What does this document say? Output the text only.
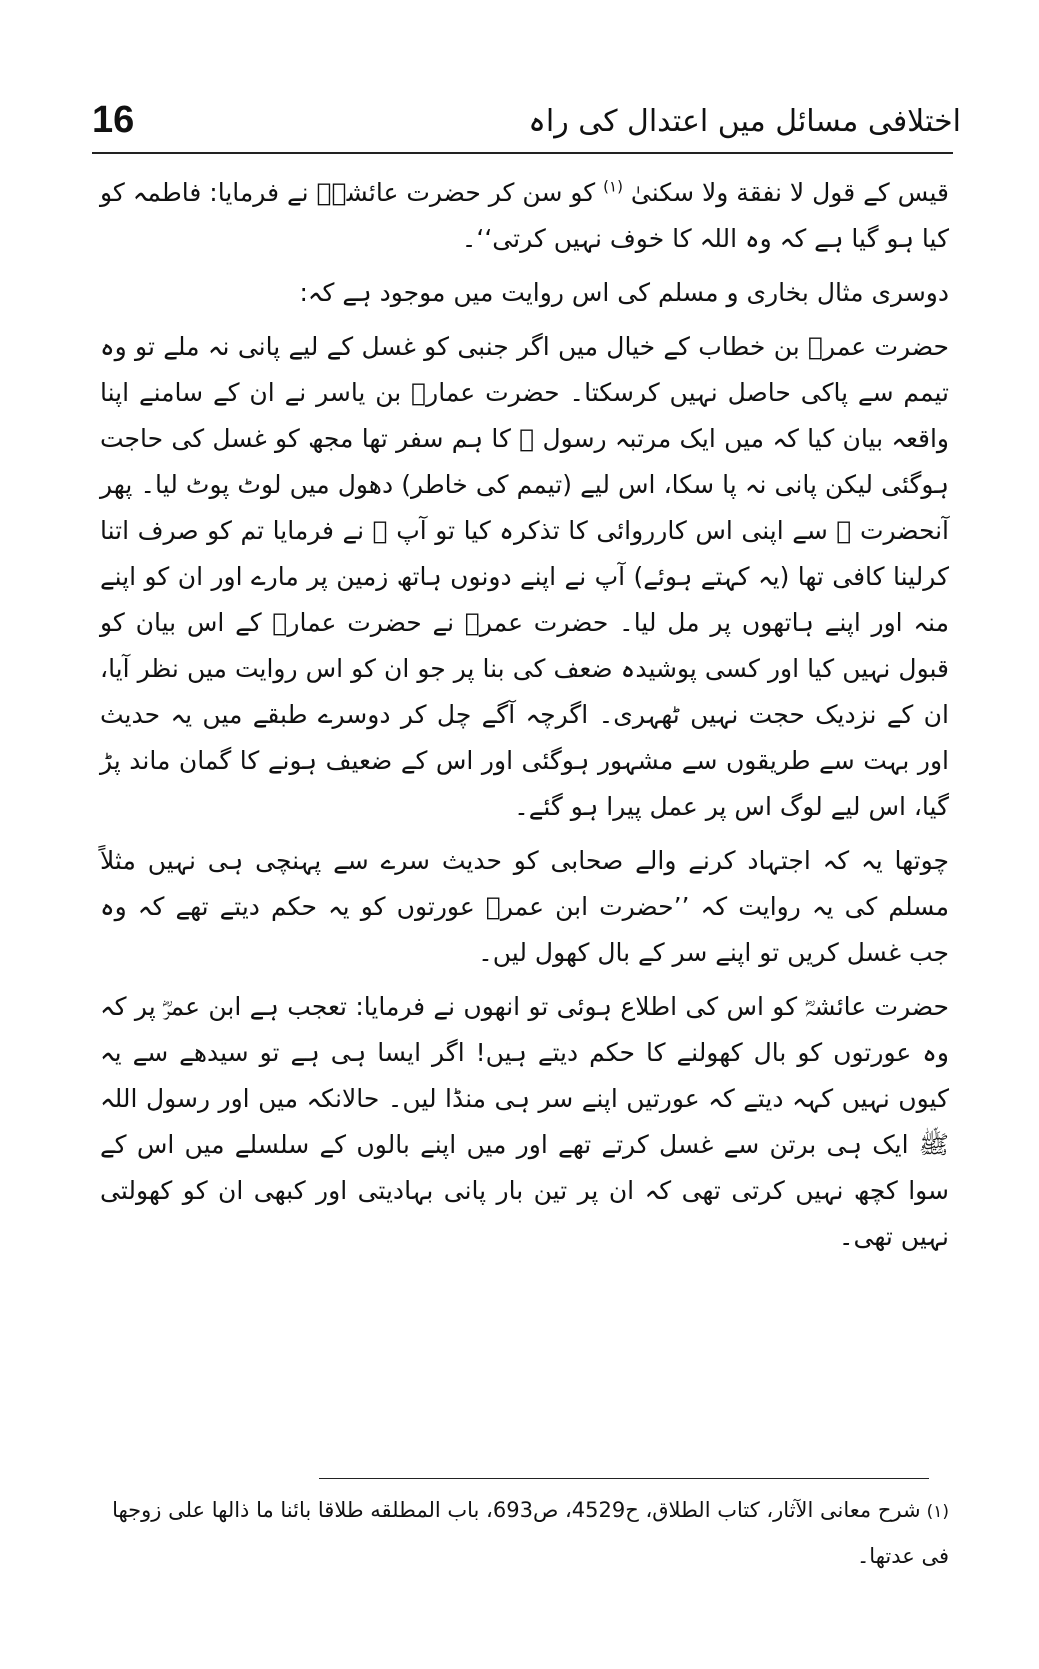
16	اختلافی مسائل میں اعتدال کی راہ

قیس کے قول لا نفقة ولا سکنیٰ $^{(۱)}$ کو سن کر حضرت عائشہؓ نے فرمایا: فاطمہ کو کیا ہو گیا ہے کہ وہ اللہ کا خوف نہیں کرتی‘‘۔

دوسری مثال بخاری و مسلم کی اس روایت میں موجود ہے کہ:

حضرت عمرؓ بن خطاب کے خیال میں اگر جنبی کو غسل کے لیے پانی نہ ملے تو وہ تیمم سے پاکی حاصل نہیں کرسکتا۔ حضرت عمارؓ بن یاسر نے ان کے سامنے اپنا واقعہ بیان کیا کہ میں ایک مرتبہ رسول ﷺ کا ہم سفر تھا مجھ کو غسل کی حاجت ہوگئی لیکن پانی نہ پا سکا، اس لیے (تیمم کی خاطر) دھول میں لوٹ پوٹ لیا۔ پھر آنحضرت ﷺ سے اپنی اس کارروائی کا تذکرہ کیا تو آپ ﷺ نے فرمایا تم کو صرف اتنا کرلینا کافی تھا (یہ کہتے ہوئے) آپ نے اپنے دونوں ہاتھ زمین پر مارے اور ان کو اپنے منہ اور اپنے ہاتھوں پر مل لیا۔ حضرت عمرؓ نے حضرت عمارؓ کے اس بیان کو قبول نہیں کیا اور کسی پوشیدہ ضعف کی بنا پر جو ان کو اس روایت میں نظر آیا، ان کے نزدیک حجت نہیں ٹھہری۔ اگرچہ آگے چل کر دوسرے طبقے میں یہ حدیث اور بہت سے طریقوں سے مشہور ہوگئی اور اس کے ضعیف ہونے کا گمان ماند پڑ گیا، اس لیے لوگ اس پر عمل پیرا ہو گئے۔

چوتھا یہ کہ اجتہاد کرنے والے صحابی کو حدیث سرے سے پہنچی ہی نہیں مثلاً مسلم کی یہ روایت کہ ’’حضرت ابن عمرؓ عورتوں کو یہ حکم دیتے تھے کہ وہ جب غسل کریں تو اپنے سر کے بال کھول لیں۔

حضرت عائشہؓ کو اس کی اطلاع ہوئی تو انھوں نے فرمایا: تعجب ہے ابن عمرؓ پر کہ وہ عورتوں کو بال کھولنے کا حکم دیتے ہیں! اگر ایسا ہی ہے تو سیدھے سے یہ کیوں نہیں کہہ دیتے کہ عورتیں اپنے سر ہی منڈا لیں۔ حالانکہ میں اور رسول اللہ ﷺ ایک ہی برتن سے غسل کرتے تھے اور میں اپنے بالوں کے سلسلے میں اس کے سوا کچھ نہیں کرتی تھی کہ ان پر تین بار پانی بہادیتی اور کبھی ان کو کھولتی نہیں تھی۔

(۱)شرح معانی الآثار، کتاب الطلاق، ح4529، ص693، باب المطلقه طلاقا بائنا ما ذالها علی زوجها فی عدتها۔
